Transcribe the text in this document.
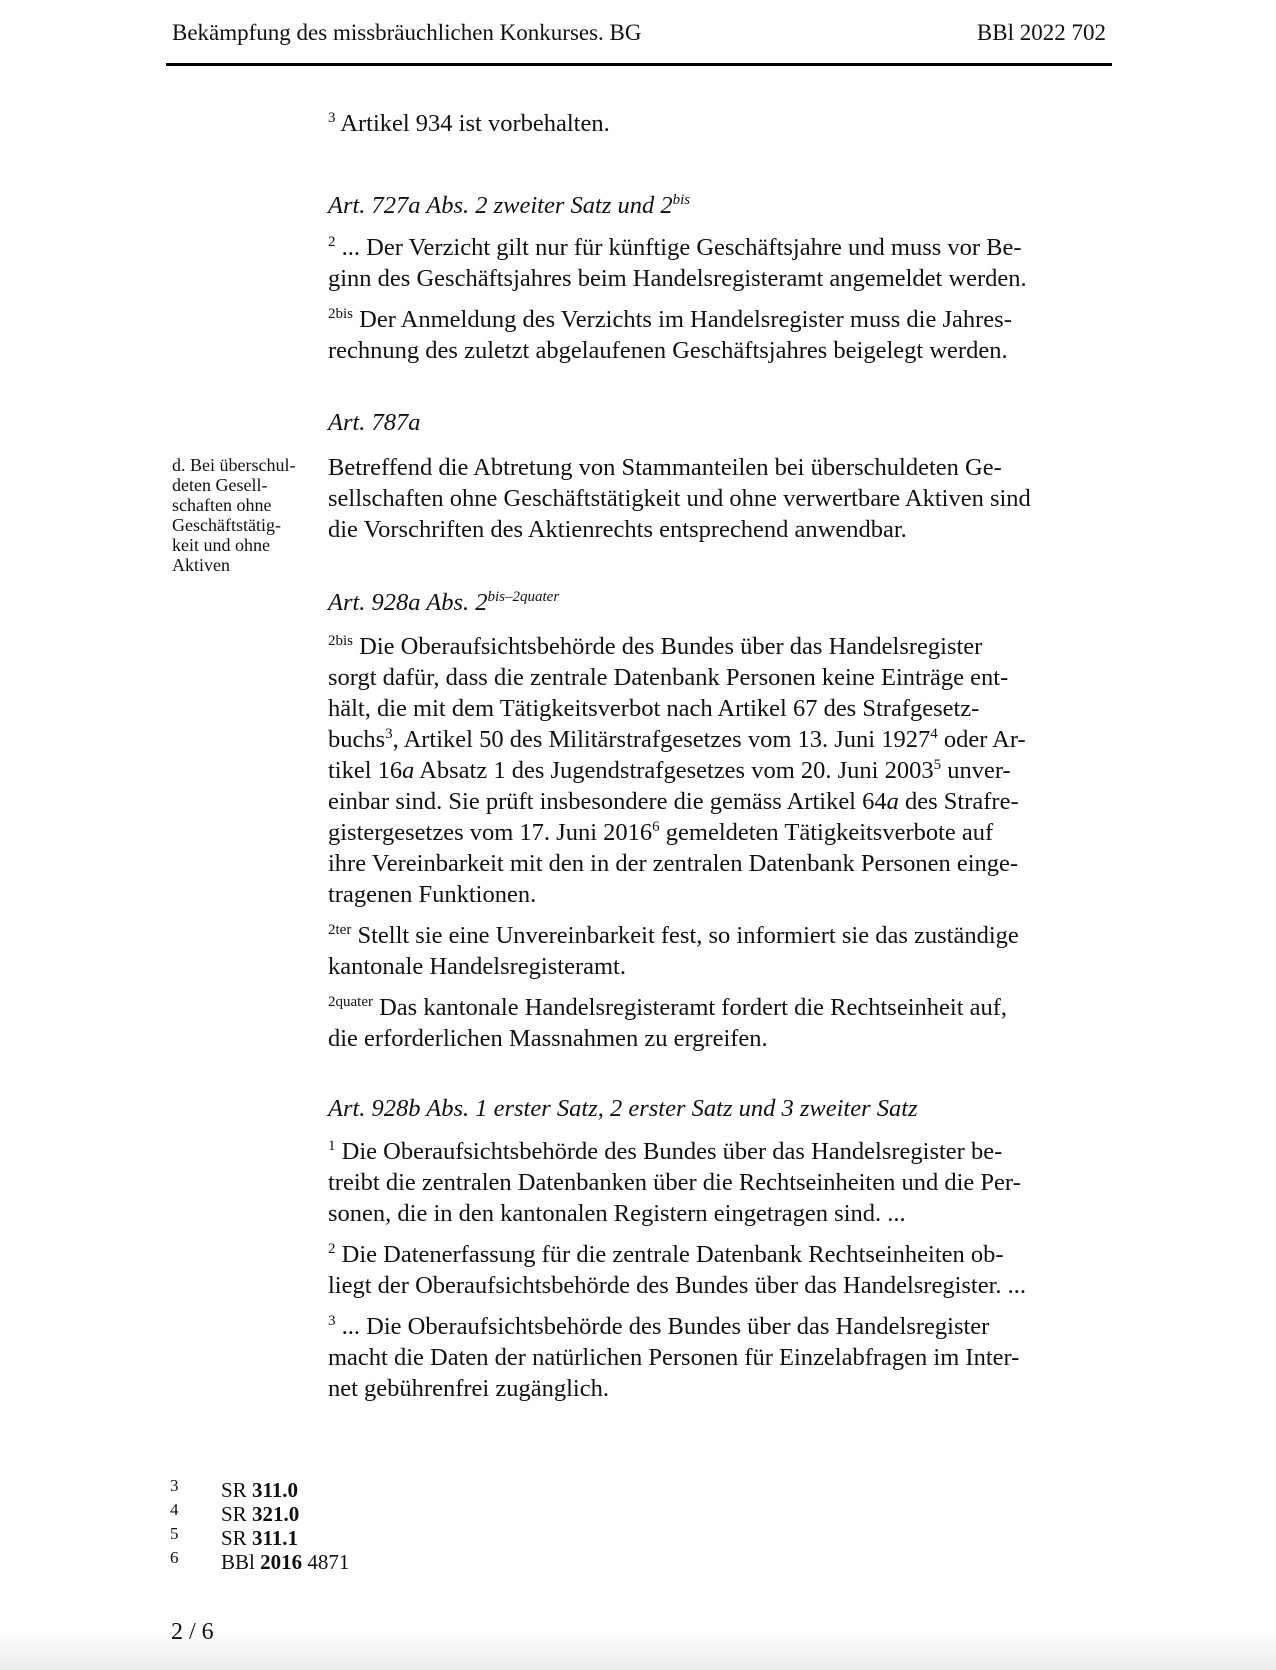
Bekämpfung des missbräuchlichen Konkurses. BG	BBl 2022 702

$^3$ Artikel 934 ist vorbehalten.

Art. 727a Abs. 2 zweiter Satz und $2^{bis}$

$^2$ ... Der Verzicht gilt nur für künftige Geschäftsjahre und muss vor Be-
ginn des Geschäftsjahres beim Handelsregisteramt angemeldet werden.

$^{2bis}$ Der Anmeldung des Verzichts im Handelsregister muss die Jahres-
rechnung des zuletzt abgelaufenen Geschäftsjahres beigelegt werden.

Art. 787a

Betreffend die Abtretung von Stammanteilen bei überschuldeten Ge-
sellschaften ohne Geschäftstätigkeit und ohne verwertbare Aktiven sind
die Vorschriften des Aktienrechts entsprechend anwendbar.

d. Bei überschul-
deten Gesell-
schaften ohne
Geschäftstätig-
keit und ohne
Aktiven

Art. 928a Abs. $2^{bis-2quater}$

$^{2bis}$ Die Oberaufsichtsbehörde des Bundes über das Handelsregister
sorgt dafür, dass die zentrale Datenbank Personen keine Einträge ent-
hält, die mit dem Tätigkeitsverbot nach Artikel 67 des Strafgesetz-
buchs$^3$, Artikel 50 des Militärstrafgesetzes vom 13. Juni 1927$^4$ oder Ar-
tikel 16a Absatz 1 des Jugendstrafgesetzes vom 20. Juni 2003$^5$ unver-
einbar sind. Sie prüft insbesondere die gemäss Artikel 64a des Strafre-
gistergesetzes vom 17. Juni 2016$^6$ gemeldeten Tätigkeitsverbote auf
ihre Vereinbarkeit mit den in der zentralen Datenbank Personen einge-
tragenen Funktionen.

$^{2ter}$ Stellt sie eine Unvereinbarkeit fest, so informiert sie das zuständige
kantonale Handelsregisteramt.

$^{2quater}$ Das kantonale Handelsregisteramt fordert die Rechtseinheit auf,
die erforderlichen Massnahmen zu ergreifen.

Art. 928b Abs. 1 erster Satz, 2 erster Satz und 3 zweiter Satz

$^1$ Die Oberaufsichtsbehörde des Bundes über das Handelsregister be-
treibt die zentralen Datenbanken über die Rechtseinheiten und die Per-
sonen, die in den kantonalen Registern eingetragen sind. ...

$^2$ Die Datenerfassung für die zentrale Datenbank Rechtseinheiten ob-
liegt der Oberaufsichtsbehörde des Bundes über das Handelsregister. ...

$^3$ ... Die Oberaufsichtsbehörde des Bundes über das Handelsregister
macht die Daten der natürlichen Personen für Einzelabfragen im Inter-
net gebührenfrei zugänglich.

3 SR 311.0
4 SR 321.0
5 SR 311.1
6 BBl 2016 4871
2 / 6
